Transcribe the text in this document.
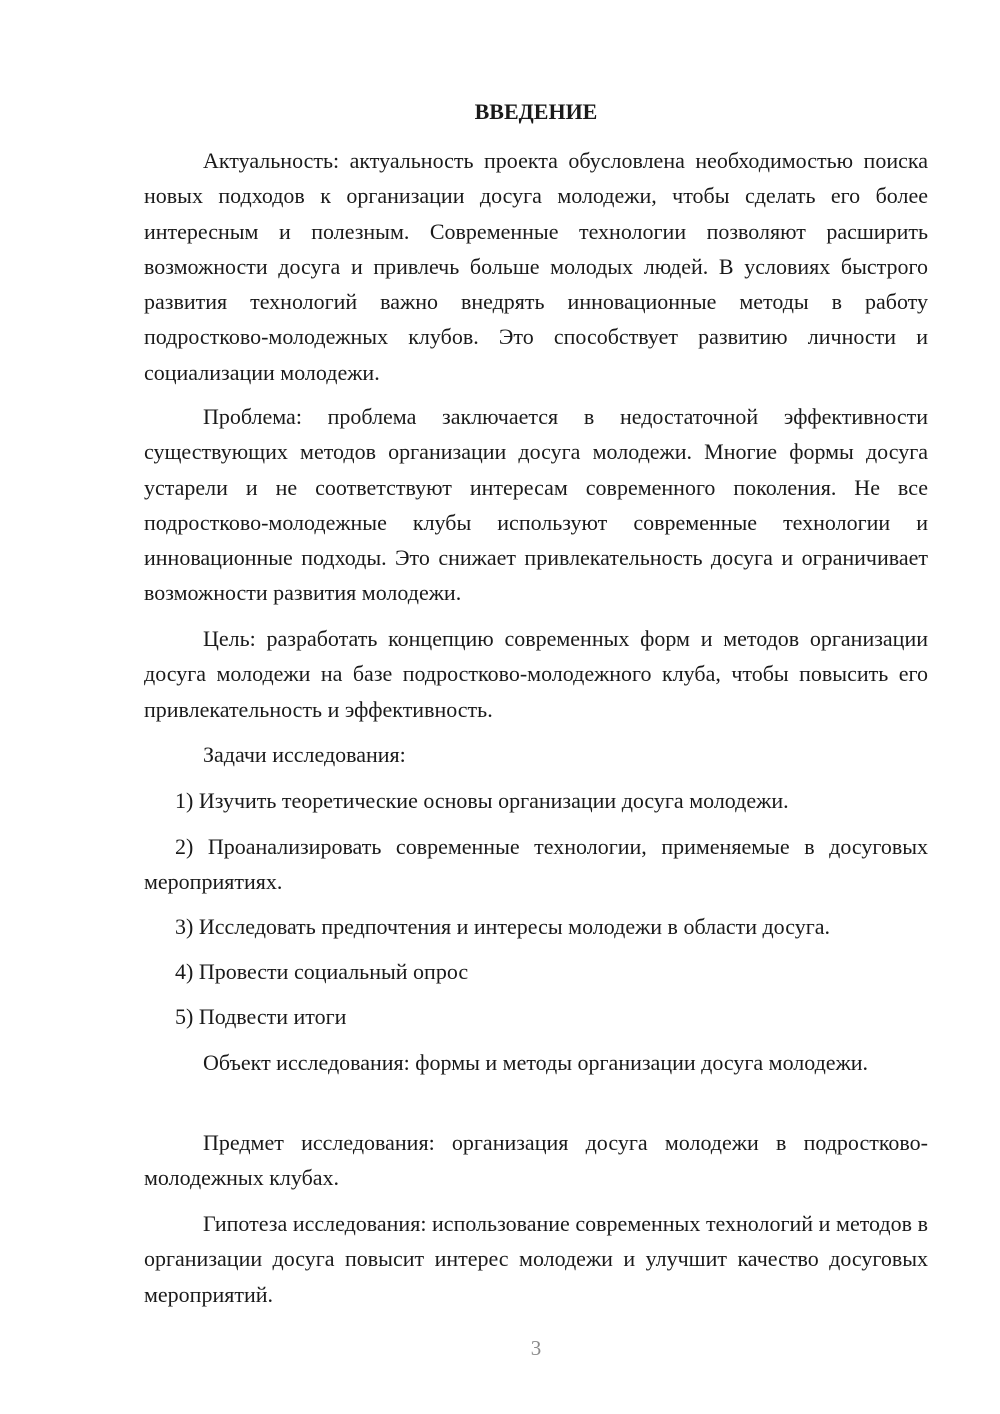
ВВЕДЕНИЕ

Актуальность: актуальность проекта обусловлена необходимостью поиска новых подходов к организации досуга молодежи, чтобы сделать его более интересным и полезным. Современные технологии позволяют расширить возможности досуга и привлечь больше молодых людей. В условиях быстрого развития технологий важно внедрять инновационные методы в работу подростково-молодежных клубов. Это способствует развитию личности и социализации молодежи.

Проблема: проблема заключается в недостаточной эффективности существующих методов организации досуга молодежи. Многие формы досуга устарели и не соответствуют интересам современного поколения. Не все подростково-молодежные клубы используют современные технологии и инновационные подходы. Это снижает привлекательность досуга и ограничивает возможности развития молодежи.

Цель: разработать концепцию современных форм и методов организации досуга молодежи на базе подростково-молодежного клуба, чтобы повысить его привлекательность и эффективность.

Задачи исследования:

1) Изучить теоретические основы организации досуга молодежи.

2) Проанализировать современные технологии, применяемые в досуговых мероприятиях.

3) Исследовать предпочтения и интересы молодежи в области досуга.

4) Провести социальный опрос

5) Подвести итоги

Объект исследования: формы и методы организации досуга молодежи.

Предмет исследования: организация досуга молодежи в подростково-молодежных клубах.

Гипотеза исследования: использование современных технологий и методов в организации досуга повысит интерес молодежи и улучшит качество досуговых мероприятий.

3
